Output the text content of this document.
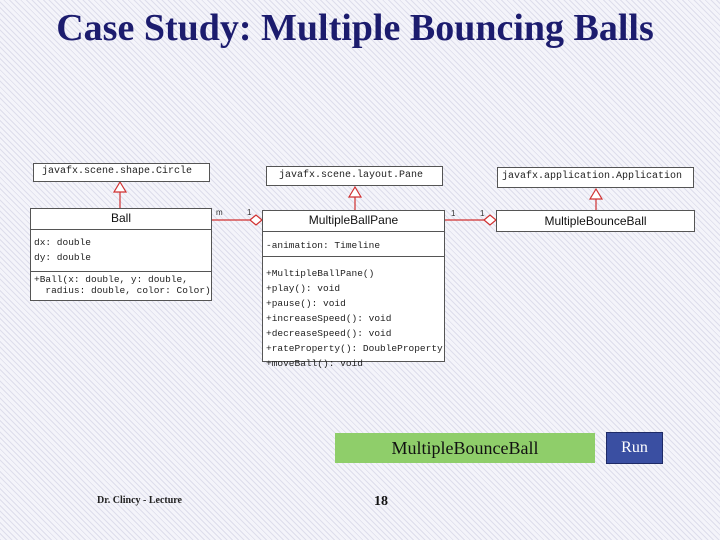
Case Study: Multiple Bouncing Balls
javafx.scene.shape.Circle	javafx.scene.layout.Pane	javafx.application.Application
Ball
dx: double
dy: double
+Ball(x: double, y: double,
radius: double, color: Color)
MultipleBallPane
-animation: Timeline
+MultipleBallPane()
+play(): void
+pause(): void
+increaseSpeed(): void
+decreaseSpeed(): void
+rateProperty(): DoubleProperty
+moveBall(): void
MultipleBounceBall
m	1	1	1
MultipleBounceBall	Run
Dr. Clincy - Lecture	18
